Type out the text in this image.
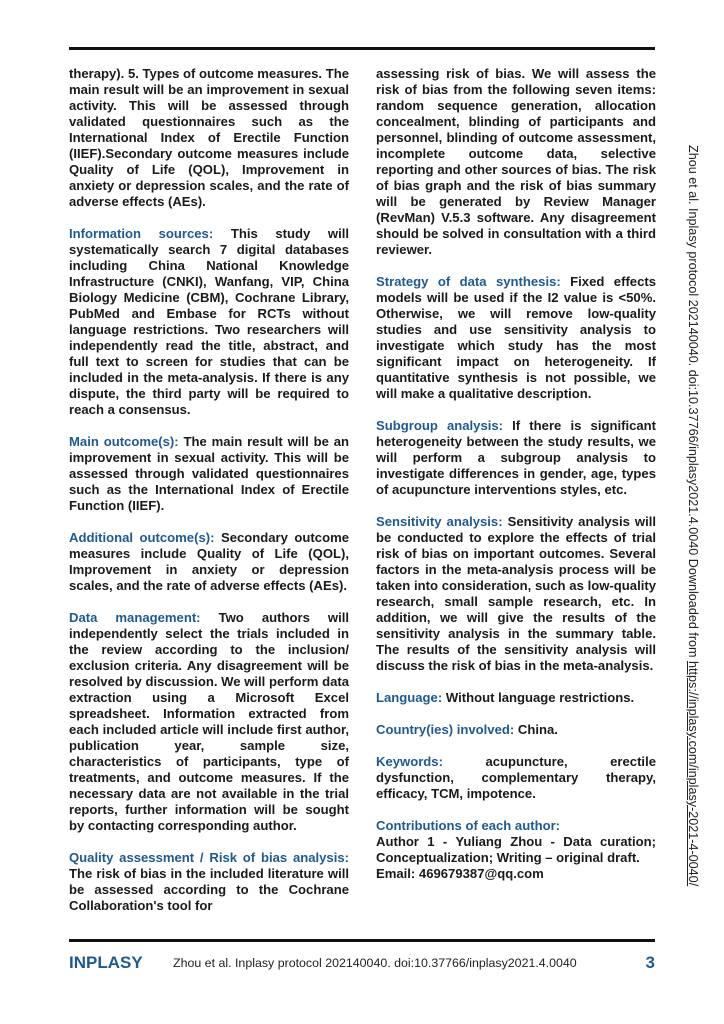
therapy). 5. Types of outcome measures. The main result will be an improvement in sexual activity. This will be assessed through validated questionnaires such as the International Index of Erectile Function (IIEF).Secondary outcome measures include Quality of Life (QOL), Improvement in anxiety or depression scales, and the rate of adverse effects (AEs).

Information sources: This study will systematically search 7 digital databases including China National Knowledge Infrastructure (CNKI), Wanfang, VIP, China Biology Medicine (CBM), Cochrane Library, PubMed and Embase for RCTs without language restrictions. Two researchers will independently read the title, abstract, and full text to screen for studies that can be included in the meta-analysis. If there is any dispute, the third party will be required to reach a consensus.

Main outcome(s): The main result will be an improvement in sexual activity. This will be assessed through validated questionnaires such as the International Index of Erectile Function (IIEF).

Additional outcome(s): Secondary outcome measures include Quality of Life (QOL), Improvement in anxiety or depression scales, and the rate of adverse effects (AEs).

Data management: Two authors will independently select the trials included in the review according to the inclusion/ exclusion criteria. Any disagreement will be resolved by discussion. We will perform data extraction using a Microsoft Excel spreadsheet. Information extracted from each included article will include first author, publication year, sample size, characteristics of participants, type of treatments, and outcome measures. If the necessary data are not available in the trial reports, further information will be sought by contacting corresponding author.

Quality assessment / Risk of bias analysis: The risk of bias in the included literature will be assessed according to the Cochrane Collaboration's tool for

assessing risk of bias. We will assess the risk of bias from the following seven items: random sequence generation, allocation concealment, blinding of participants and personnel, blinding of outcome assessment, incomplete outcome data, selective reporting and other sources of bias. The risk of bias graph and the risk of bias summary will be generated by Review Manager (RevMan) V.5.3 software. Any disagreement should be solved in consultation with a third reviewer.

Strategy of data synthesis: Fixed effects models will be used if the I2 value is <50%. Otherwise, we will remove low-quality studies and use sensitivity analysis to investigate which study has the most significant impact on heterogeneity. If quantitative synthesis is not possible, we will make a qualitative description.

Subgroup analysis: If there is significant heterogeneity between the study results, we will perform a subgroup analysis to investigate differences in gender, age, types of acupuncture interventions styles, etc.

Sensitivity analysis: Sensitivity analysis will be conducted to explore the effects of trial risk of bias on important outcomes. Several factors in the meta-analysis process will be taken into consideration, such as low-quality research, small sample research, etc. In addition, we will give the results of the sensitivity analysis in the summary table. The results of the sensitivity analysis will discuss the risk of bias in the meta-analysis.

Language: Without language restrictions.

Country(ies) involved: China.

Keywords:	acupuncture, erectile dysfunction, complementary therapy, efficacy, TCM, impotence.

Contributions of each author:
Author 1 - Yuliang Zhou - Data curation; Conceptualization; Writing – original draft.
Email: 469679387@qq.com

Zhou et al. Inplasy protocol 202140040. doi:10.37766/inplasy2021.4.0040 Downloaded from https://inplasy.com/inplasy-2021-4-0040/
INPLASY Zhou et al. Inplasy protocol 202140040. doi:10.37766/inplasy2021.4.0040	3
